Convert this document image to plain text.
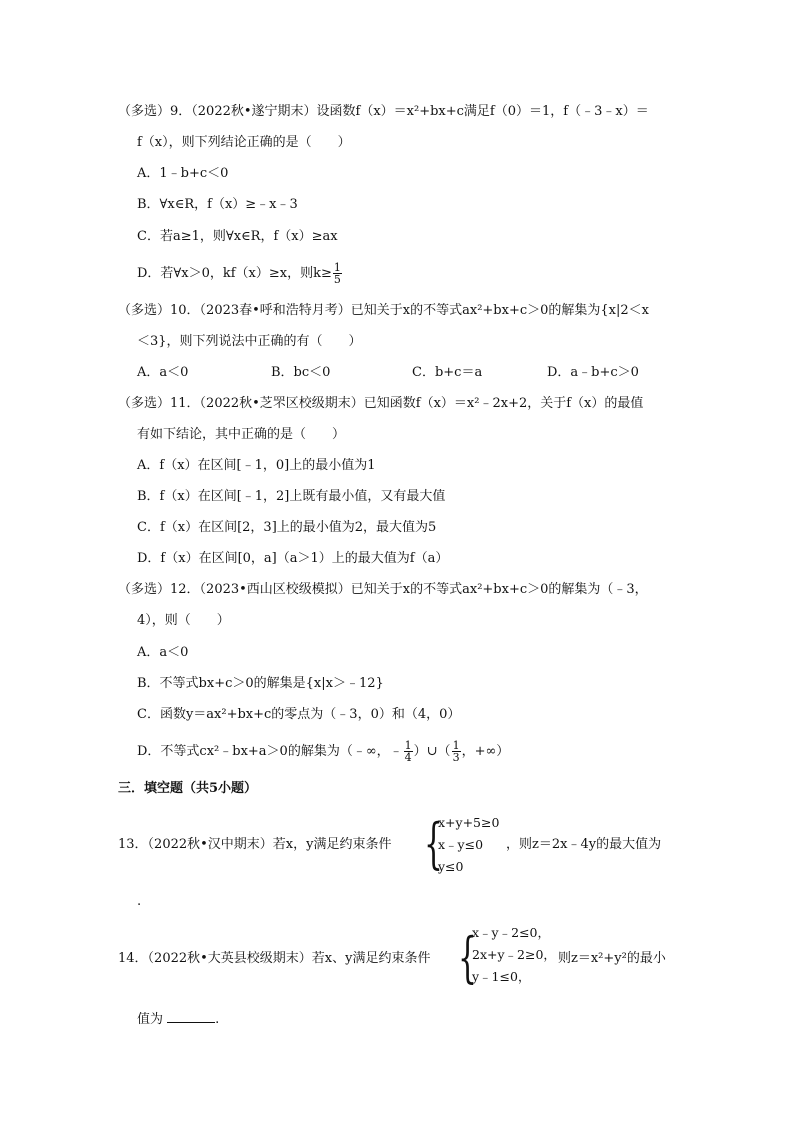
（多选）9．（2022秋•遂宁期末）设函数f（x）＝x²+bx+c满足f（0）＝1，f（﹣3﹣x）＝
f（x），则下列结论正确的是（　　）
A．1﹣b+c＜0
B．∀x∈R，f（x）≥﹣x﹣3
C．若a≥1，则∀x∈R，f（x）≥ax
D．若∀x＞0，kf（x）≥x，则$k\ge \frac{1}{5}$
（多选）10．（2023春•呼和浩特月考）已知关于x的不等式ax²+bx+c＞0的解集为{x|2＜x
＜3}，则下列说法中正确的有（　　）
A．a＜0	B．bc＜0	C．b+c＝a	D．a﹣b+c＞0
（多选）11．（2022秋•芝罘区校级期末）已知函数f（x）＝x²﹣2x+2，关于f（x）的最值
有如下结论，其中正确的是（　　）
A．f（x）在区间[﹣1，0]上的最小值为1
B．f（x）在区间[﹣1，2]上既有最小值，又有最大值
C．f（x）在区间[2，3]上的最小值为2，最大值为5
D．f（x）在区间[0，a]（a＞1）上的最大值为f（a）
（多选）12．（2023•西山区校级模拟）已知关于x的不等式ax²+bx+c＞0的解集为（﹣3，
4），则（　　）
A．a＜0
B．不等式bx+c＞0的解集是{x|x＞﹣12}
C．函数y＝ax²+bx+c的零点为（﹣3，0）和（4，0）
D．不等式cx²﹣bx+a＞0的解集为（﹣∞，﹣ $\frac{1}{4}$ ）∪（ $\frac{1}{3}$ ，+∞）
三．填空题（共5小题）
13．（2022秋•汉中期末）若x，y满足约束条件 {
x+y+5≥0
x﹣y≤0
y≤0
，则z＝2x﹣4y的最大值为
.
14．（2022秋•大英县校级期末）若x、y满足约束条件 {
x﹣y﹣2≤0，
2x+y﹣2≥0，
y﹣1≤0，
则z＝x²+y²的最小
值为	.
